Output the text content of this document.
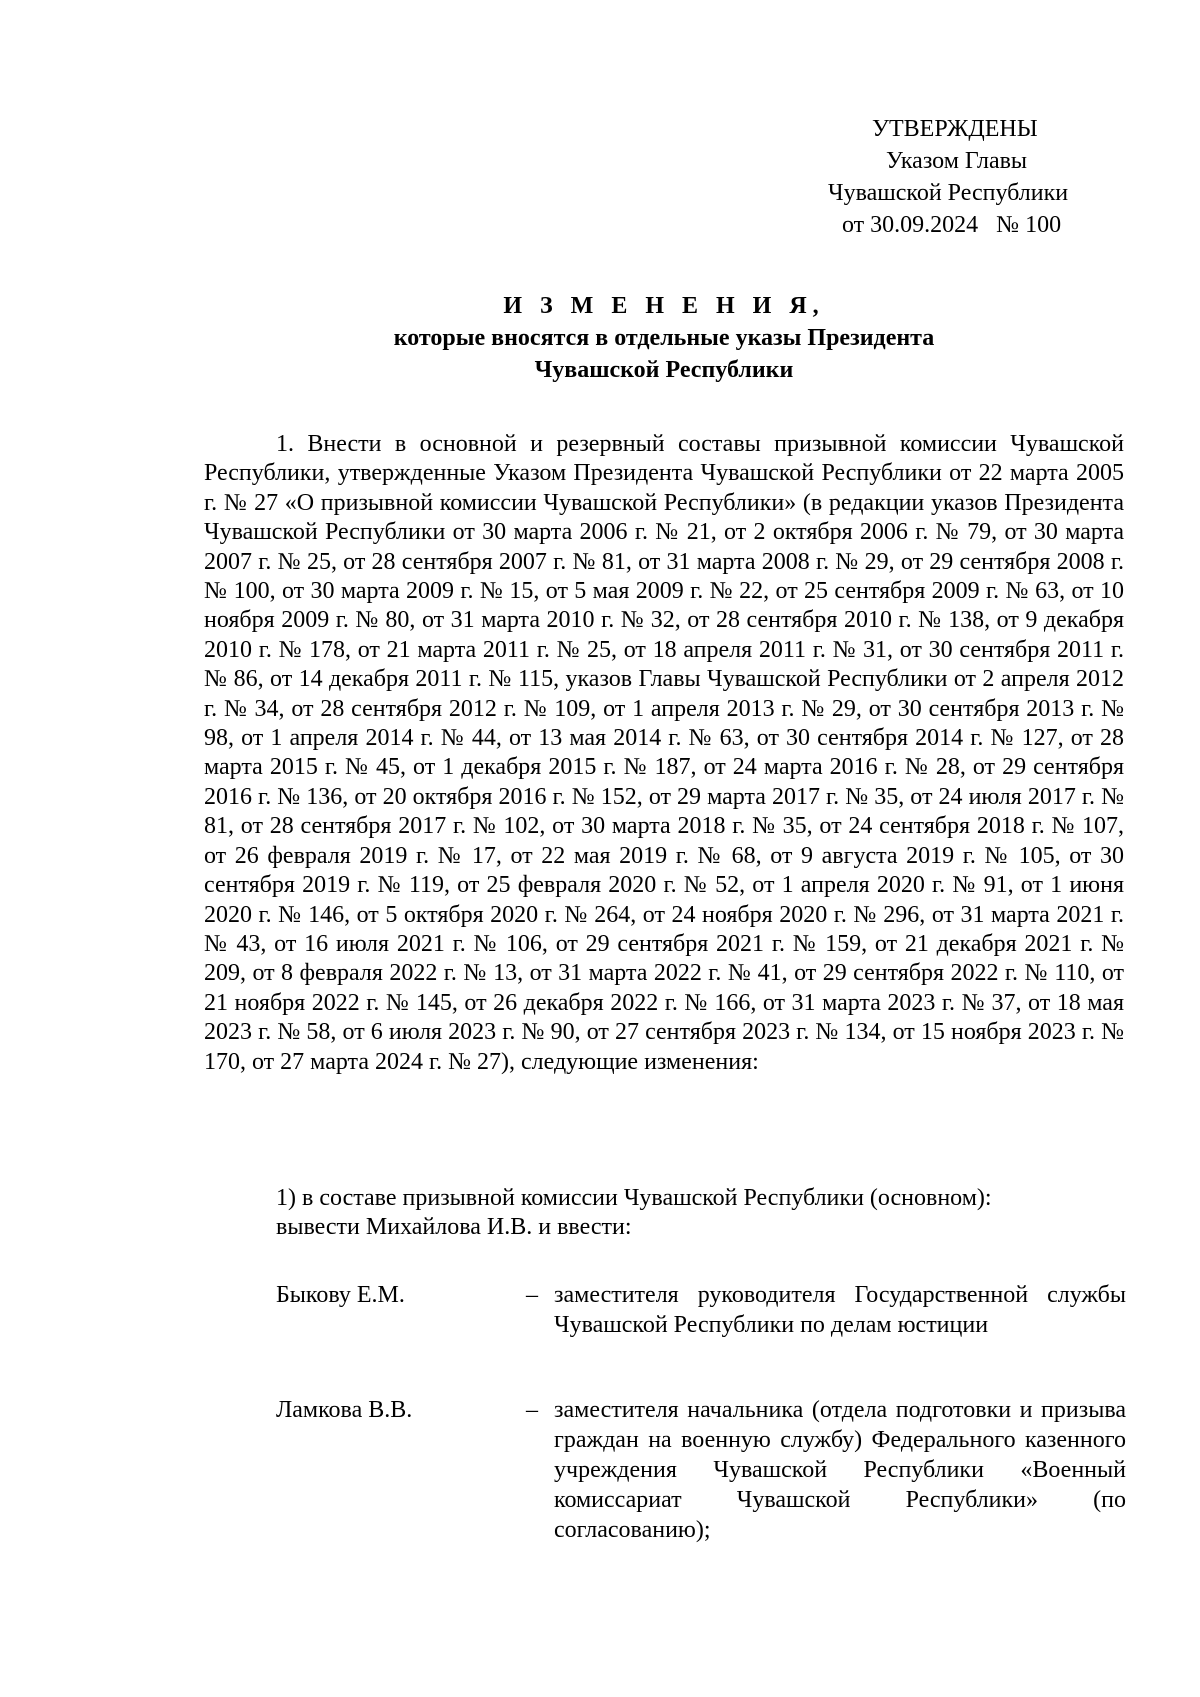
УТВЕРЖДЕНЫ
Указом Главы
Чувашской Республики
от 30.09.2024   № 100
И З М Е Н Е Н И Я,
которые вносятся в отдельные указы Президента
Чувашской Республики

1. Внести в основной и резервный составы призывной комиссии Чувашской Республики, утвержденные Указом Президента Чувашской Республики от 22 марта 2005 г. № 27 «О призывной комиссии Чувашской Республики» (в редакции указов Президента Чувашской Республики от 30 марта 2006 г. № 21, от 2 октября 2006 г. № 79, от 30 марта 2007 г. № 25, от 28 сентября 2007 г. № 81, от 31 марта 2008 г. № 29, от 29 сентября 2008 г. № 100, от 30 марта 2009 г. № 15, от 5 мая 2009 г. № 22, от 25 сентября 2009 г. № 63, от 10 ноября 2009 г. № 80, от 31 марта 2010 г. № 32, от 28 сентября 2010 г. № 138, от 9 декабря 2010 г. № 178, от 21 марта 2011 г. № 25, от 18 апреля 2011 г. № 31, от 30 сентября 2011 г. № 86, от 14 декабря 2011 г. № 115, указов Главы Чувашской Республики от 2 апреля 2012 г. № 34, от 28 сентября 2012 г. № 109, от 1 апреля 2013 г. № 29, от 30 сентября 2013 г. № 98, от 1 апреля 2014 г. № 44, от 13 мая 2014 г. № 63, от 30 сентября 2014 г. № 127, от 28 марта 2015 г. № 45, от 1 декабря 2015 г. № 187, от 24 марта 2016 г. № 28, от 29 сентября 2016 г. № 136, от 20 октября 2016 г. № 152, от 29 марта 2017 г. № 35, от 24 июля 2017 г. № 81, от 28 сентября 2017 г. № 102, от 30 марта 2018 г. № 35, от 24 сентября 2018 г. № 107, от 26 февраля 2019 г. № 17, от 22 мая 2019 г. № 68, от 9 августа 2019 г. № 105, от 30 сентября 2019 г. № 119, от 25 февраля 2020 г. № 52, от 1 апреля 2020 г. № 91, от 1 июня 2020 г. № 146, от 5 октября 2020 г. № 264, от 24 ноября 2020 г. № 296, от 31 марта 2021 г. № 43, от 16 июля 2021 г. № 106, от 29 сентября 2021 г. № 159, от 21 декабря 2021 г. № 209, от 8 февраля 2022 г. № 13, от 31 марта 2022 г. № 41, от 29 сентября 2022 г. № 110, от 21 ноября 2022 г. № 145, от 26 декабря 2022 г. № 166, от 31 марта 2023 г. № 37, от 18 мая 2023 г. № 58, от 6 июля 2023 г. № 90, от 27 сентября 2023 г. № 134, от 15 ноября 2023 г. № 170, от 27 марта 2024 г. № 27), следующие изменения:

1) в составе призывной комиссии Чувашской Республики (основном):
вывести Михайлова И.В. и ввести:
Быкову Е.М.	– заместителя руководителя Государственной службы Чувашской Республики по делам юстиции
Ламкова В.В.	– заместителя начальника (отдела подготовки и призыва граждан на военную службу) Федерального казенного учреждения Чувашской Республики «Военный комиссариат Чувашской Республики» (по согласованию);
